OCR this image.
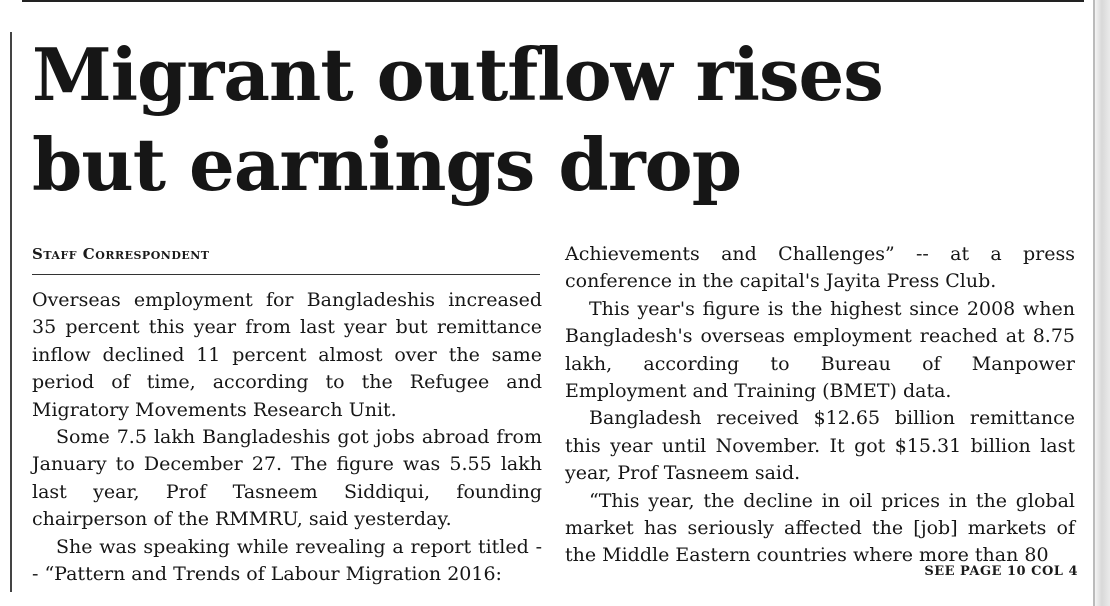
Migrant outflow rises
but earnings drop
Staff Correspondent

Overseas employment for Bangladeshis increased 35 percent this year from last year but remittance inflow declined 11 percent almost over the same period of time, according to the Refugee and Migratory Movements Research Unit.

Some 7.5 lakh Bangladeshis got jobs abroad from January to December 27. The figure was 5.55 lakh last year, Prof Tasneem Siddiqui, founding chairperson of the RMMRU, said yesterday.

She was speaking while revealing a report titled -- “Pattern and Trends of Labour Migration 2016:

Achievements and Challenges” -- at a press conference in the capital's Jayita Press Club.

This year's figure is the highest since 2008 when Bangladesh's overseas employment reached at 8.75 lakh, according to Bureau of Manpower Employment and Training (BMET) data.

Bangladesh received $12.65 billion remittance this year until November. It got $15.31 billion last year, Prof Tasneem said.

“This year, the decline in oil prices in the global market has seriously affected the [job] markets of the Middle Eastern countries where more than 80

SEE PAGE 10 COL 4
